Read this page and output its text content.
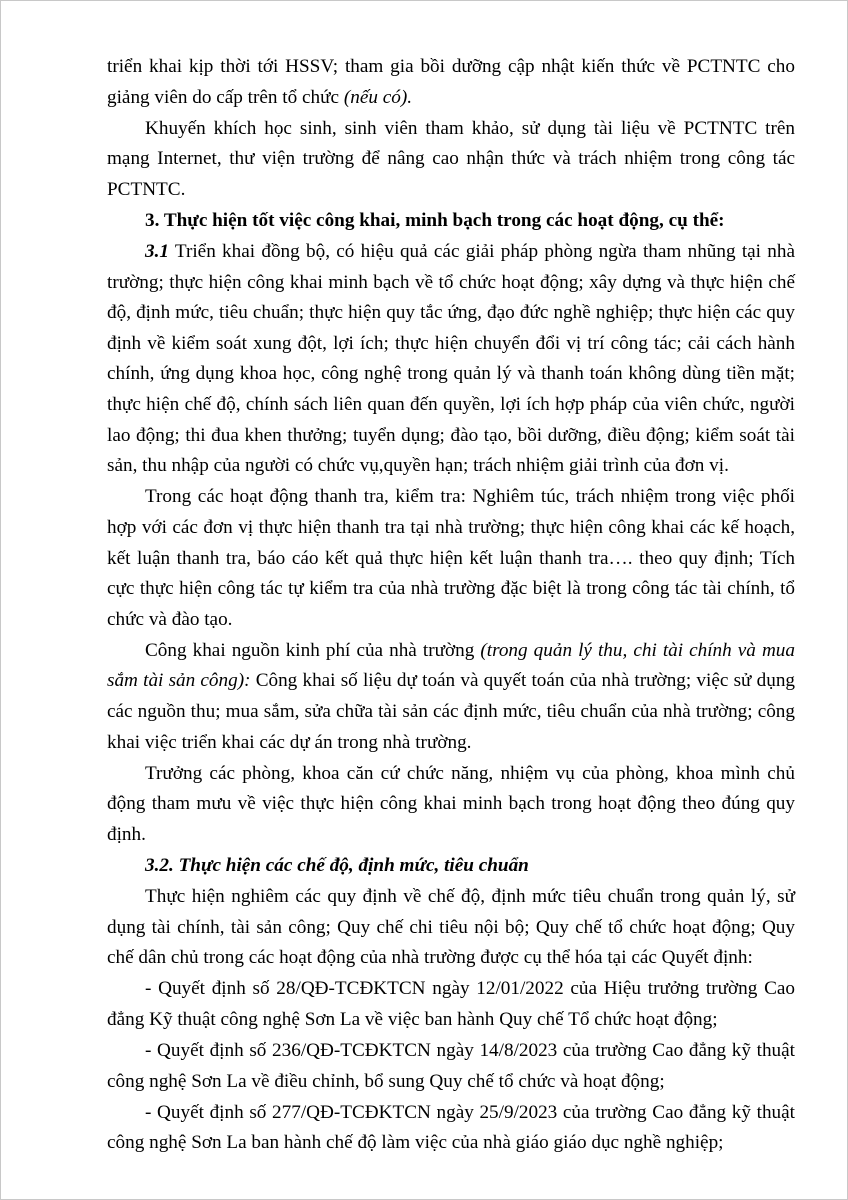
triển khai kịp thời tới HSSV; tham gia bồi dưỡng cập nhật kiến thức về PCTNTC cho giảng viên do cấp trên tổ chức (nếu có).

Khuyến khích học sinh, sinh viên tham khảo, sử dụng tài liệu về PCTNTC trên mạng Internet, thư viện trường để nâng cao nhận thức và trách nhiệm trong công tác PCTNTC.

3. Thực hiện tốt việc công khai, minh bạch trong các hoạt động, cụ thể:

3.1 Triển khai đồng bộ, có hiệu quả các giải pháp phòng ngừa tham nhũng tại nhà trường; thực hiện công khai minh bạch về tổ chức hoạt động; xây dựng và thực hiện chế độ, định mức, tiêu chuẩn; thực hiện quy tắc ứng, đạo đức nghề nghiệp; thực hiện các quy định về kiểm soát xung đột, lợi ích; thực hiện chuyển đổi vị trí công tác; cải cách hành chính, ứng dụng khoa học, công nghệ trong quản lý và thanh toán không dùng tiền mặt; thực hiện chế độ, chính sách liên quan đến quyền, lợi ích hợp pháp của viên chức, người lao động; thi đua khen thưởng; tuyển dụng; đào tạo, bồi dưỡng, điều động; kiểm soát tài sản, thu nhập của người có chức vụ,quyền hạn; trách nhiệm giải trình của đơn vị.

Trong các hoạt động thanh tra, kiểm tra: Nghiêm túc, trách nhiệm trong việc phối hợp với các đơn vị thực hiện thanh tra tại nhà trường; thực hiện công khai các kế hoạch, kết luận thanh tra, báo cáo kết quả thực hiện kết luận thanh tra…. theo quy định; Tích cực thực hiện công tác tự kiểm tra của nhà trường đặc biệt là trong công tác tài chính, tổ chức và đào tạo.

Công khai nguồn kinh phí của nhà trường (trong quản lý thu, chi tài chính và mua sắm tài sản công): Công khai số liệu dự toán và quyết toán của nhà trường; việc sử dụng các nguồn thu; mua sắm, sửa chữa tài sản các định mức, tiêu chuẩn của nhà trường; công khai việc triển khai các dự án trong nhà trường.

Trưởng các phòng, khoa căn cứ chức năng, nhiệm vụ của phòng, khoa mình chủ động tham mưu về việc thực hiện công khai minh bạch trong hoạt động theo đúng quy định.

3.2. Thực hiện các chế độ, định mức, tiêu chuẩn

Thực hiện nghiêm các quy định về chế độ, định mức tiêu chuẩn trong quản lý, sử dụng tài chính, tài sản công; Quy chế chi tiêu nội bộ; Quy chế tổ chức hoạt động; Quy chế dân chủ trong các hoạt động của nhà trường được cụ thể hóa tại các Quyết định:

- Quyết định số 28/QĐ-TCĐKTCN ngày 12/01/2022 của Hiệu trưởng trường Cao đẳng Kỹ thuật công nghệ Sơn La về việc ban hành Quy chế Tổ chức hoạt động;

- Quyết định số 236/QĐ-TCĐKTCN ngày 14/8/2023 của trường Cao đẳng kỹ thuật công nghệ Sơn La về điều chỉnh, bổ sung Quy chế tổ chức và hoạt động;

- Quyết định số 277/QĐ-TCĐKTCN ngày 25/9/2023 của trường Cao đẳng kỹ thuật công nghệ Sơn La ban hành chế độ làm việc của nhà giáo giáo dục nghề nghiệp;
